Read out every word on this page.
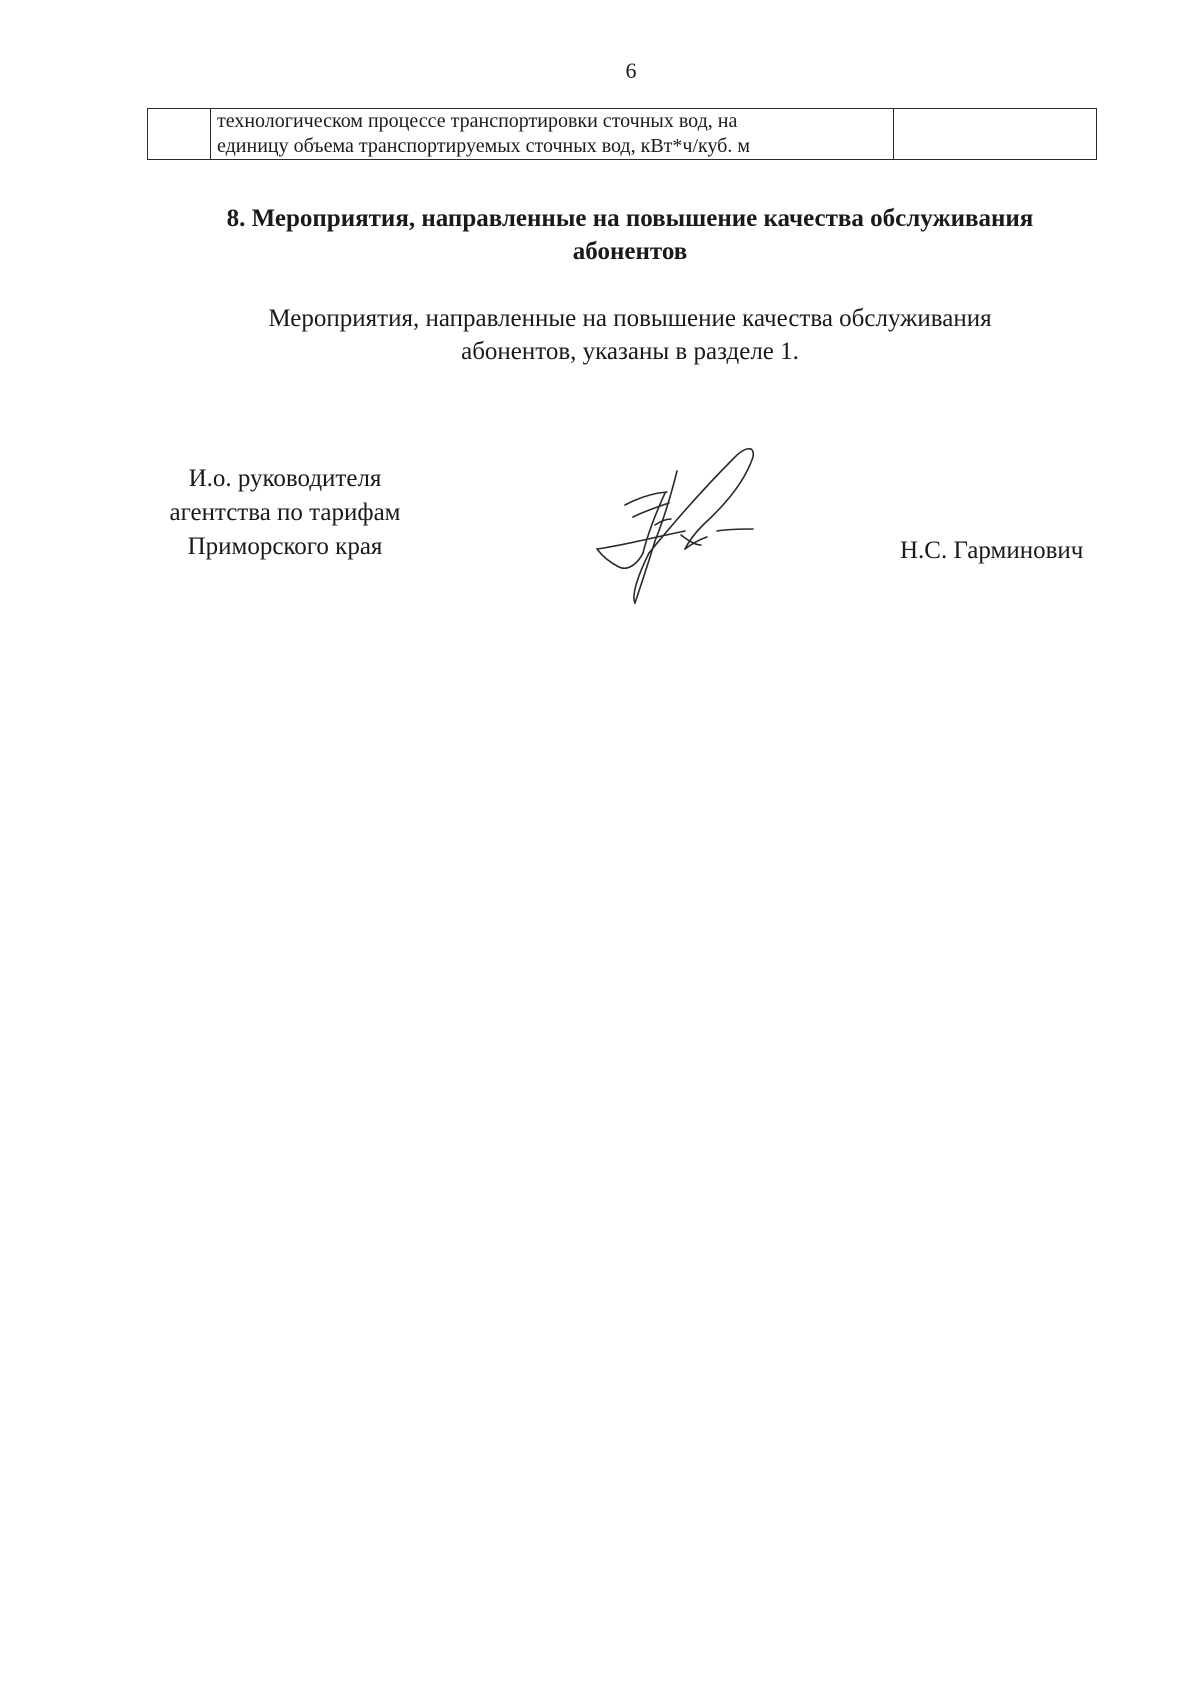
6

технологическом процессе транспортировки сточных вод, на
единицу объема транспортируемых сточных вод, кВт*ч/куб. м

8. Мероприятия, направленные на повышение качества обслуживания
абонентов
Мероприятия, направленные на повышение качества обслуживания
абонентов, указаны в разделе 1.
И.о. руководителя
агентства по тарифам
Приморского края	Н.С. Гарминович
